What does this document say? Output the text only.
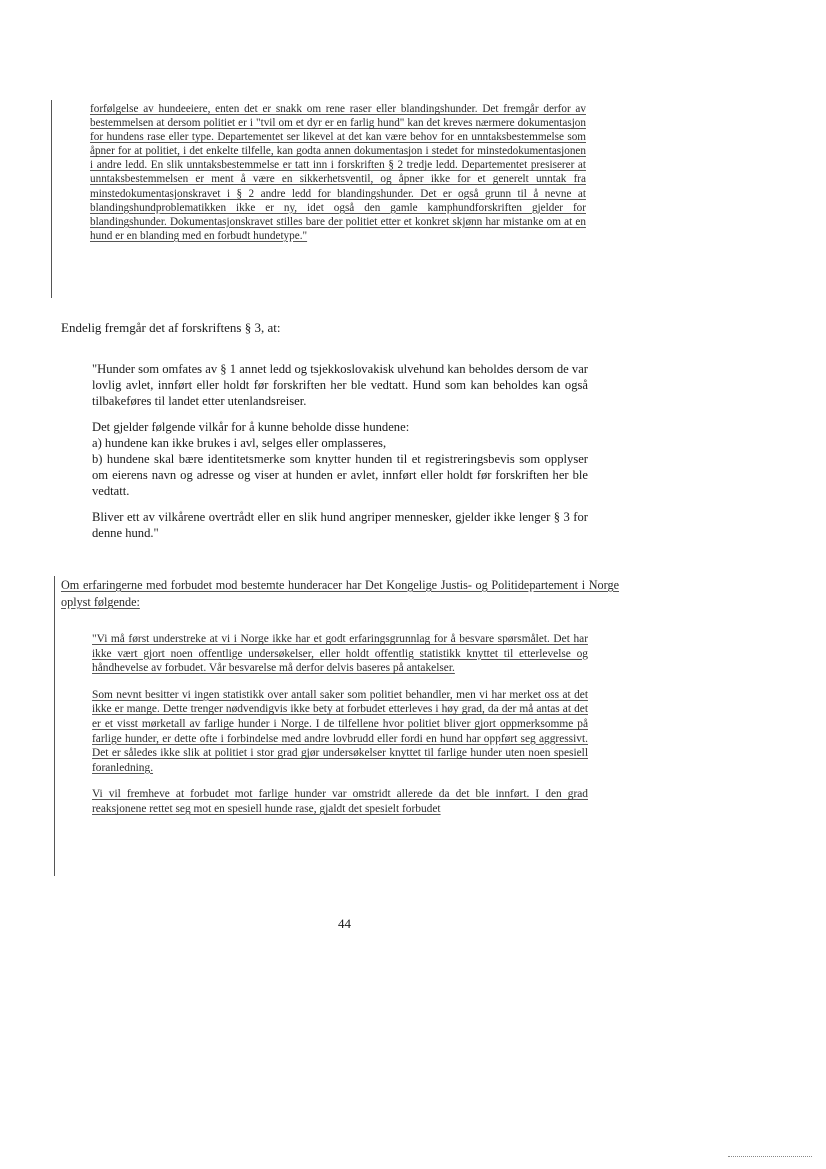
forfølgelse av hundeeiere, enten det er snakk om rene raser eller blandingshunder. Det fremgår derfor av bestemmelsen at dersom politiet er i "tvil om et dyr er en farlig hund" kan det kreves nærmere dokumentasjon for hundens rase eller type. Departementet ser likevel at det kan være behov for en unntaksbestemmelse som åpner for at politiet, i det enkelte tilfelle, kan godta annen dokumentasjon i stedet for minstedokumentasjonen i andre ledd. En slik unntaksbestemmelse er tatt inn i forskriften § 2 tredje ledd. Departementet presiserer at unntaksbestemmelsen er ment å være en sikkerhetsventil, og åpner ikke for et generelt unntak fra minstedokumentasjonskravet i § 2 andre ledd for blandingshunder. Det er også grunn til å nevne at blandingshundproblematikken ikke er ny, idet også den gamle kamphundforskriften gjelder for blandingshunder. Dokumentasjonskravet stilles bare der politiet etter et konkret skjønn har mistanke om at en hund er en blanding med en forbudt hundetype."

Endelig fremgår det af forskriftens § 3, at:

"Hunder som omfates av § 1 annet ledd og tsjekkoslovakisk ulvehund kan beholdes dersom de var lovlig avlet, innført eller holdt før forskriften her ble vedtatt. Hund som kan beholdes kan også tilbakeføres til landet etter utenlandsreiser.

Det gjelder følgende vilkår for å kunne beholde disse hundene:
a) hundene kan ikke brukes i avl, selges eller omplasseres,
b) hundene skal bære identitetsmerke som knytter hunden til et registreringsbevis som opplyser om eierens navn og adresse og viser at hunden er avlet, innført eller holdt før forskriften her ble vedtatt.

Bliver ett av vilkårene overtrådt eller en slik hund angriper mennesker, gjelder ikke lenger § 3 for denne hund."

Om erfaringerne med forbudet mod bestemte hunderacer har Det Kongelige Justis- og Politidepartement i Norge oplyst følgende:

"Vi må først understreke at vi i Norge ikke har et godt erfaringsgrunnlag for å besvare spørsmålet. Det har ikke vært gjort noen offentlige undersøkelser, eller holdt offentlig statistikk knyttet til etterlevelse og håndhevelse av forbudet. Vår besvarelse må derfor delvis baseres på antakelser.

Som nevnt besitter vi ingen statistikk over antall saker som politiet behandler, men vi har merket oss at det ikke er mange. Dette trenger nødvendigvis ikke bety at forbudet etterleves i høy grad, da der må antas at det er et visst mørketall av farlige hunder i Norge. I de tilfellene hvor politiet bliver gjort oppmerksomme på farlige hunder, er dette ofte i forbindelse med andre lovbrudd eller fordi en hund har oppført seg aggressivt. Det er således ikke slik at politiet i stor grad gjør undersøkelser knyttet til farlige hunder uten noen spesiell foranledning.

Vi vil fremheve at forbudet mot farlige hunder var omstridt allerede da det ble innført. I den grad reaksjonene rettet seg mot en spesiell hunde rase, gjaldt det spesielt forbudet

44
